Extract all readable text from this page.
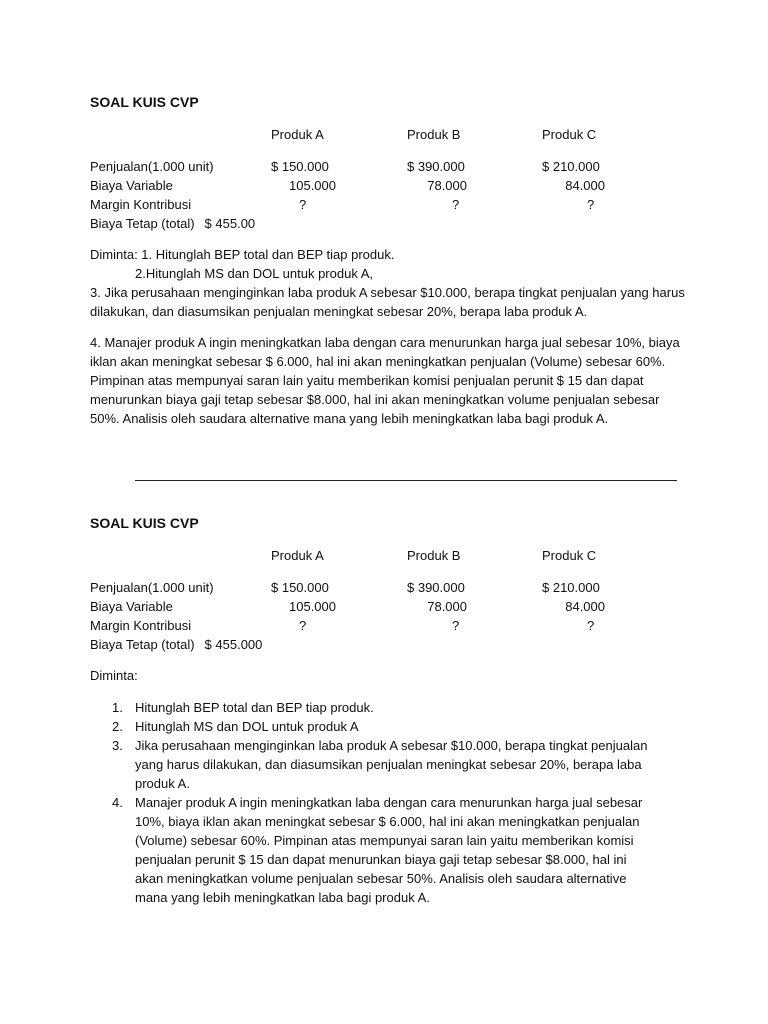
SOAL KUIS CVP
Produk A	Produk B	Produk C
Penjualan(1.000 unit)	$ 150.000	$ 390.000	$ 210.000
Biaya Variable	105.000	78.000	84.000
Margin Kontribusi	?	?	?
Biaya Tetap (total) $ 455.00

Diminta: 1. Hitunglah BEP total dan BEP tiap produk.

2.Hitunglah MS dan DOL untuk produk A,

3. Jika perusahaan menginginkan laba produk A sebesar $10.000, berapa tingkat penjualan yang harus dilakukan, dan diasumsikan penjualan meningkat sebesar 20%, berapa laba produk A.

4. Manajer produk A ingin meningkatkan laba dengan cara menurunkan harga jual sebesar 10%, biaya iklan akan meningkat sebesar $ 6.000, hal ini akan meningkatkan penjualan (Volume) sebesar 60%. Pimpinan atas mempunyai saran lain yaitu memberikan komisi penjualan perunit $ 15 dan dapat menurunkan biaya gaji tetap sebesar $8.000, hal ini akan meningkatkan volume penjualan sebesar 50%. Analisis oleh saudara alternative mana yang lebih meningkatkan laba bagi produk A.

SOAL KUIS CVP
Produk A	Produk B	Produk C
Penjualan(1.000 unit)	$ 150.000	$ 390.000	$ 210.000
Biaya Variable	105.000	78.000	84.000
Margin Kontribusi	?	?	?
Biaya Tetap (total) $ 455.000
Diminta:
1. Hitunglah BEP total dan BEP tiap produk.
2. Hitunglah MS dan DOL untuk produk A
3. Jika perusahaan menginginkan laba produk A sebesar $10.000, berapa tingkat penjualan yang harus dilakukan, dan diasumsikan penjualan meningkat sebesar 20%, berapa laba produk A.
4. Manajer produk A ingin meningkatkan laba dengan cara menurunkan harga jual sebesar 10%, biaya iklan akan meningkat sebesar $ 6.000, hal ini akan meningkatkan penjualan (Volume) sebesar 60%. Pimpinan atas mempunyai saran lain yaitu memberikan komisi penjualan perunit $ 15 dan dapat menurunkan biaya gaji tetap sebesar $8.000, hal ini akan meningkatkan volume penjualan sebesar 50%. Analisis oleh saudara alternative mana yang lebih meningkatkan laba bagi produk A.
